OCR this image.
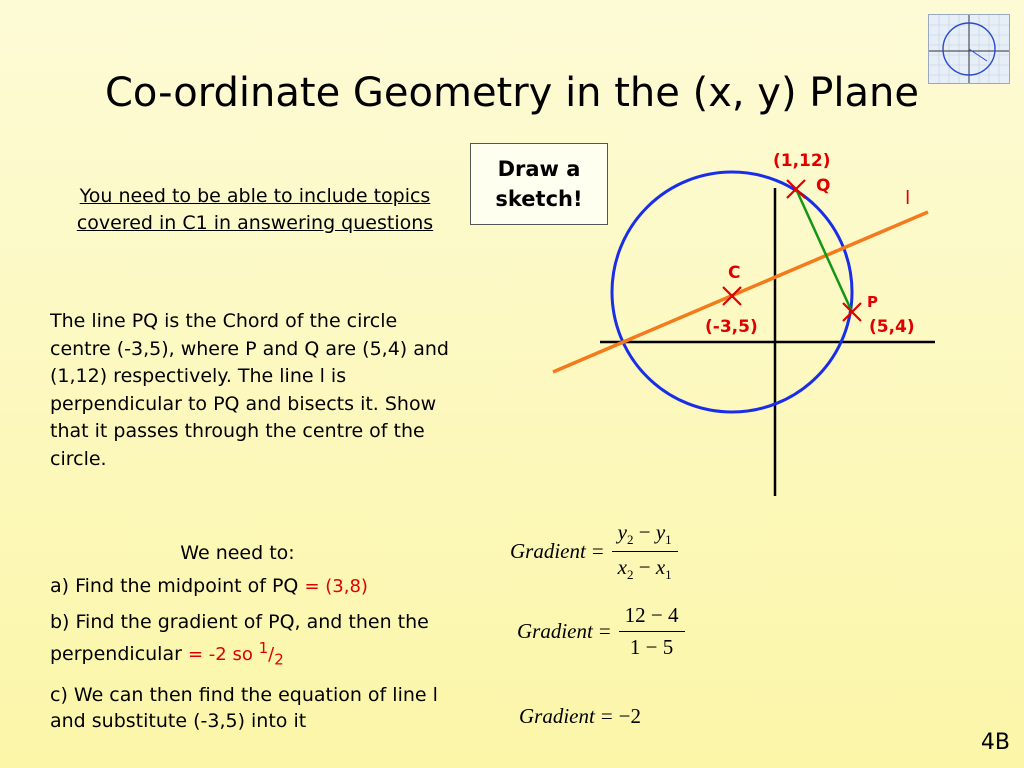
Co-ordinate Geometry in the (x, y) Plane

You need to be able to include topics covered in C1 in answering questions

The line PQ is the Chord of the circle centre (-3,5), where P and Q are (5,4) and (1,12) respectively. The line l is perpendicular to PQ and bisects it. Show that it passes through the centre of the circle.

We need to:

a) Find the midpoint of PQ = (3,8)
b) Find the gradient of PQ, and then the perpendicular = -2 so $^1/_2$
c) We can then find the equation of line l and substitute (-3,5) into it
Draw a sketch!
(1,12)
Q
l
C
(-3,5)
P
(5,4)
Gradient = $\frac{y_2 - y_1}{x_2 - x_1}$
Gradient = $\frac{12 - 4}{1 - 5}$
Gradient = −2
4B
